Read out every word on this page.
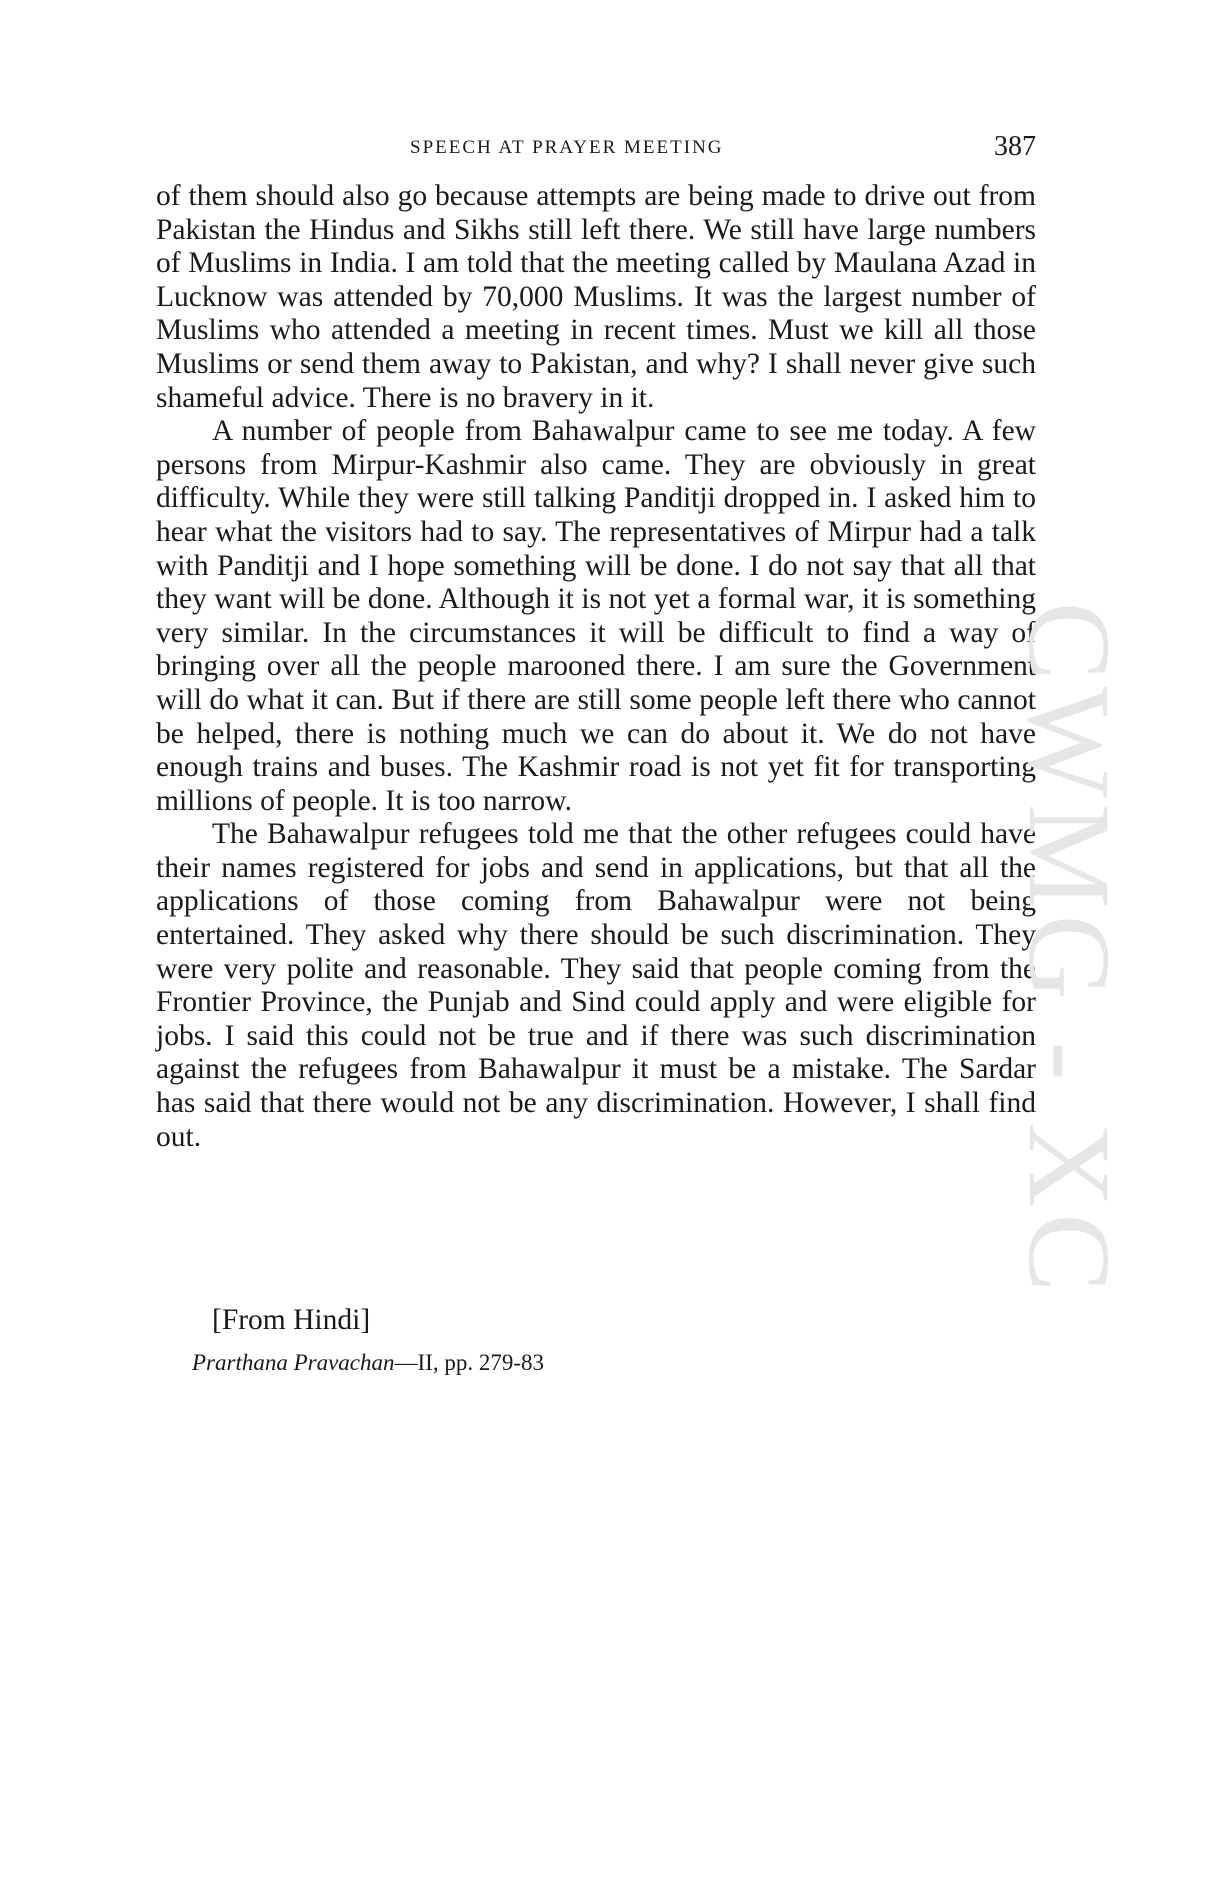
SPEECH AT PRAYER MEETING	387

of them should also go because attempts are being made to drive out from Pakistan the Hindus and Sikhs still left there. We still have large numbers of Muslims in India. I am told that the meeting called by Maulana Azad in Lucknow was attended by 70,000 Muslims. It was the largest number of Muslims who attended a meeting in recent times. Must we kill all those Muslims or send them away to Pakistan, and why? I shall never give such shameful advice. There is no bravery in it.

A number of people from Bahawalpur came to see me today. A few persons from Mirpur-Kashmir also came. They are obviously in great difficulty. While they were still talking Panditji dropped in. I asked him to hear what the visitors had to say. The representatives of Mirpur had a talk with Panditji and I hope something will be done. I do not say that all that they want will be done. Although it is not yet a formal war, it is something very similar. In the circumstances it will be difficult to find a way of bringing over all the people marooned there. I am sure the Government will do what it can. But if there are still some people left there who cannot be helped, there is nothing much we can do about it. We do not have enough trains and buses. The Kashmir road is not yet fit for transporting millions of people. It is too narrow.

The Bahawalpur refugees told me that the other refugees could have their names registered for jobs and send in applications, but that all the applications of those coming from Bahawalpur were not being entertained. They asked why there should be such discrimination. They were very polite and reasonable. They said that people coming from the Frontier Province, the Punjab and Sind could apply and were eligible for jobs. I said this could not be true and if there was such discrimination against the refugees from Bahawalpur it must be a mistake. The Sardar has said that there would not be any discrimination. However, I shall find out.

[From Hindi]
Prarthana Pravachan—II, pp. 279-83
CWMG - XC
